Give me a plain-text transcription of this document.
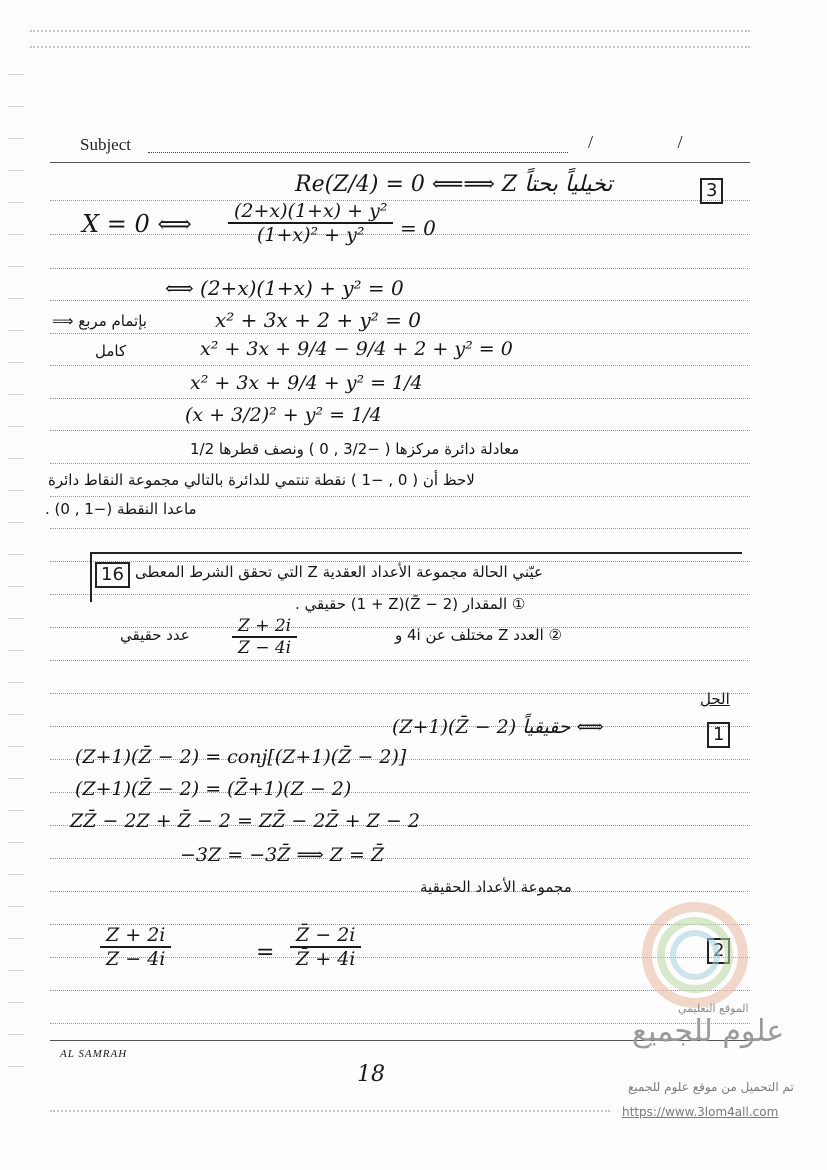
Subject	/ /
3
Re(Z/4) = 0 ⟸⟹ Z تخيلياً بحتاً
X = 0 ⟺ $\frac{\text{(2+x)(1+x) + y²}}{\text{(1+x)² + y²}} = 0$
⟺ (2+x)(1+x) + y² = 0
بإتمام مربع ⟹	x² + 3x + 2 + y² = 0
كامل	x² + 3x + 9/4 − 9/4 + 2 + y² = 0
x² + 3x + 9/4 + y² = 1/4
(x + 3/2)² + y² = 1/4
معادلة دائرة مركزها ( −3/2 , 0 ) ونصف قطرها 1/2
لاحظ أن ( 0 , −1 ) نقطة تنتمي للدائرة بالتالي مجموعة النقاط دائرة
ماعدا النقطة (−1 , 0) .
16 عيّني الحالة مجموعة الأعداد العقدية Z التي تحقق الشرط المعطى
① المقدار (2 − Z̄)(1 + Z) حقيقي .
② العدد Z مختلف عن 4i و
$\frac{Z + 2i}{Z - 4i}$
عدد حقيقي
الحل
1
(Z+1)(Z̄ − 2) حقيقياً ⟺
(Z+1)(Z̄ − 2) = conj[(Z+1)(Z̄ − 2)]
(Z+1)(Z̄ − 2) = (Z̄+1)(Z − 2)
ZZ̄ − 2Z + Z̄ − 2 = ZZ̄ − 2Z̄ + Z − 2
−3Z = −3Z̄ ⟹ Z = Z̄
مجموعة الأعداد الحقيقية
2
$\frac{Z + 2i}{Z - 4i}$	= $\frac{Z̄ - 2i}{Z̄ + 4i}$
الموقع التعليمي
علوم للجميع
AL SAMRAH
18	تم التحميل من موقع علوم للجميع
https://www.3lom4all.com
